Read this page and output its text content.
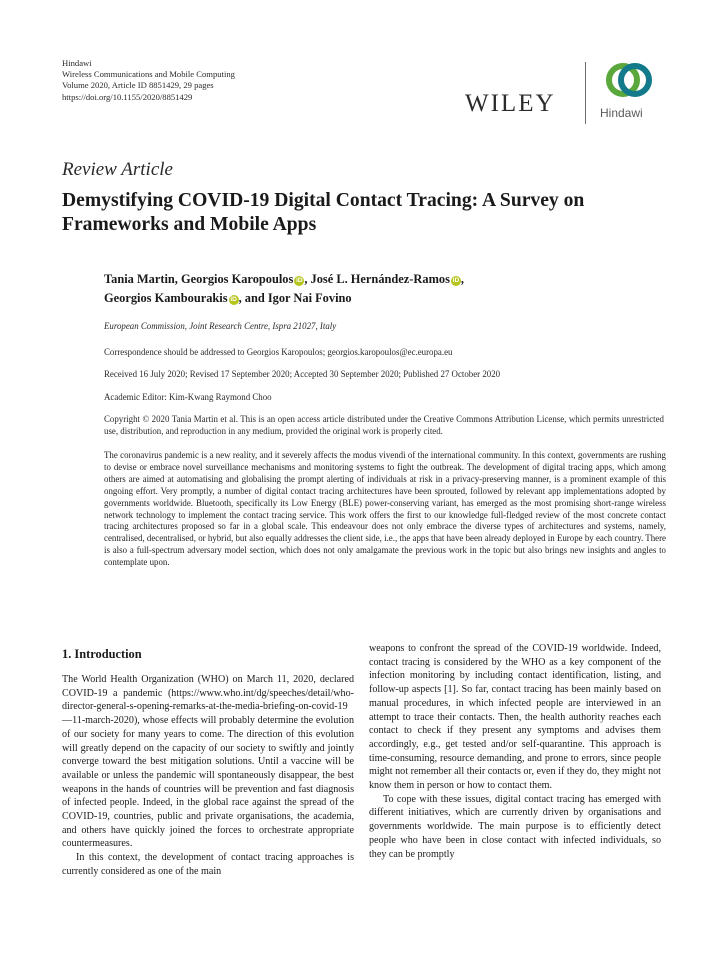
Hindawi
Wireless Communications and Mobile Computing
Volume 2020, Article ID 8851429, 29 pages
https://doi.org/10.1155/2020/8851429	WILEY	Hindawi
Review Article
Demystifying COVID-19 Digital Contact Tracing: A Survey on Frameworks and Mobile Apps
Tania Martin, Georgios Karopoulos iD , José L. Hernández-Ramos iD ,
Georgios Kambourakis iD , and Igor Nai Fovino
European Commission, Joint Research Centre, Ispra 21027, Italy
Correspondence should be addressed to Georgios Karopoulos; georgios.karopoulos@ec.europa.eu
Received 16 July 2020; Revised 17 September 2020; Accepted 30 September 2020; Published 27 October 2020
Academic Editor: Kim-Kwang Raymond Choo
Copyright © 2020 Tania Martin et al. This is an open access article distributed under the Creative Commons Attribution License, which permits unrestricted use, distribution, and reproduction in any medium, provided the original work is properly cited.

The coronavirus pandemic is a new reality, and it severely affects the modus vivendi of the international community. In this context, governments are rushing to devise or embrace novel surveillance mechanisms and monitoring systems to fight the outbreak. The development of digital tracing apps, which among others are aimed at automatising and globalising the prompt alerting of individuals at risk in a privacy-preserving manner, is a prominent example of this ongoing effort. Very promptly, a number of digital contact tracing architectures have been sprouted, followed by relevant app implementations adopted by governments worldwide. Bluetooth, specifically its Low Energy (BLE) power-conserving variant, has emerged as the most promising short-range wireless network technology to implement the contact tracing service. This work offers the first to our knowledge full-fledged review of the most concrete contact tracing architectures proposed so far in a global scale. This endeavour does not only embrace the diverse types of architectures and systems, namely, centralised, decentralised, or hybrid, but also equally addresses the client side, i.e., the apps that have been already deployed in Europe by each country. There is also a full-spectrum adversary model section, which does not only amalgamate the previous work in the topic but also brings new insights and angles to contemplate upon.

1. Introduction

The World Health Organization (WHO) on March 11, 2020, declared COVID-19 a pandemic (https://www.who.int/dg/speeches/detail/who-director-general-s-opening-remarks-at-the-media-briefing-on-covid-19—11-march-2020), whose effects will probably determine the evolution of our society for many years to come. The direction of this evolution will greatly depend on the capacity of our society to swiftly and jointly converge toward the best mitigation solutions. Until a vaccine will be available or unless the pandemic will spontaneously disappear, the best weapons in the hands of countries will be prevention and fast diagnosis of infected people. Indeed, in the global race against the spread of the COVID-19, countries, public and private organisations, the academia, and others have quickly joined the forces to orchestrate appropriate countermeasures.

In this context, the development of contact tracing approaches is currently considered as one of the main

weapons to confront the spread of the COVID-19 worldwide. Indeed, contact tracing is considered by the WHO as a key component of the infection monitoring by including contact identification, listing, and follow-up aspects [1]. So far, contact tracing has been mainly based on manual procedures, in which infected people are interviewed in an attempt to trace their contacts. Then, the health authority reaches each contact to check if they present any symptoms and advises them accordingly, e.g., get tested and/or self-quarantine. This approach is time-consuming, resource demanding, and prone to errors, since people might not remember all their contacts or, even if they do, they might not know them in person or how to contact them.

To cope with these issues, digital contact tracing has emerged with different initiatives, which are currently driven by organisations and governments worldwide. The main purpose is to efficiently detect people who have been in close contact with infected individuals, so they can be promptly
